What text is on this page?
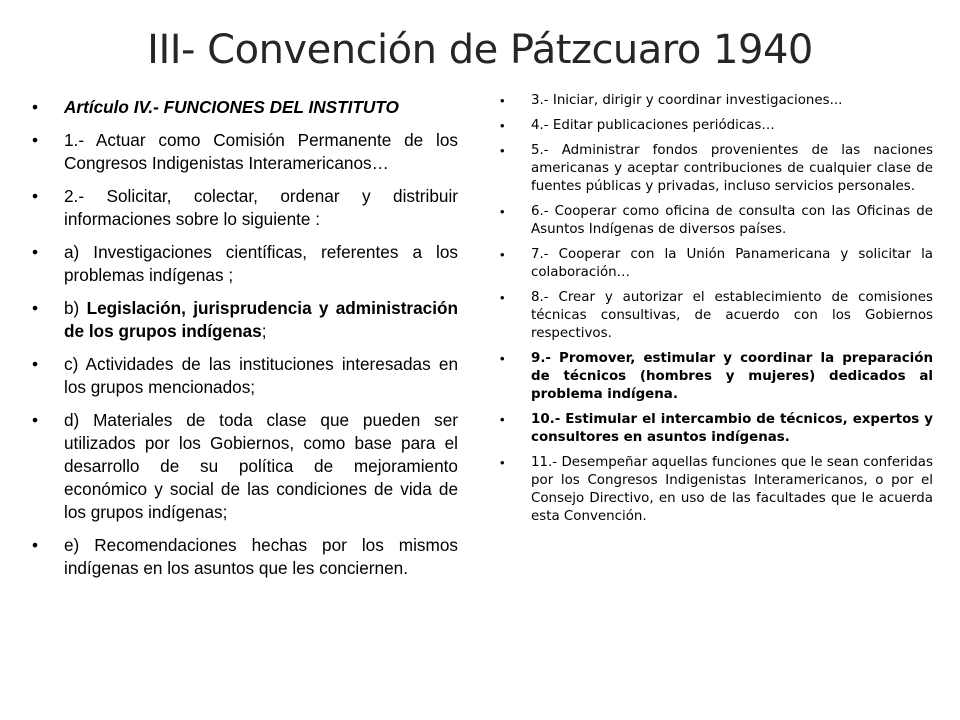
III- Convención de Pátzcuaro 1940
• Artículo IV.- FUNCIONES DEL INSTITUTO
• 1.- Actuar como Comisión Permanente de los Congresos Indigenistas Interamericanos…
• 2.- Solicitar, colectar, ordenar y distribuir informaciones sobre lo siguiente :
• a) Investigaciones científicas, referentes a los problemas indígenas ;
• b) Legislación, jurisprudencia y administración de los grupos indígenas;
• c) Actividades de las instituciones interesadas en los grupos mencionados;
• d) Materiales de toda clase que pueden ser utilizados por los Gobiernos, como base para el desarrollo de su política de mejoramiento económico y social de las condiciones de vida de los grupos indígenas;
• e) Recomendaciones hechas por los mismos indígenas en los asuntos que les conciernen.
• 3.- Iniciar, dirigir y coordinar investigaciones...
• 4.- Editar publicaciones periódicas…
• 5.- Administrar fondos provenientes de las naciones americanas y aceptar contribuciones de cualquier clase de fuentes públicas y privadas, incluso servicios personales.
• 6.- Cooperar como oficina de consulta con las Oficinas de Asuntos Indígenas de diversos países.
• 7.- Cooperar con la Unión Panamericana y solicitar la colaboración…
• 8.- Crear y autorizar el establecimiento de comisiones técnicas consultivas, de acuerdo con los Gobiernos respectivos.
• 9.- Promover, estimular y coordinar la preparación de técnicos (hombres y mujeres) dedicados al problema indígena.
• 10.- Estimular el intercambio de técnicos, expertos y consultores en asuntos indígenas.
• 11.- Desempeñar aquellas funciones que le sean conferidas por los Congresos Indigenistas Interamericanos, o por el Consejo Directivo, en uso de las facultades que le acuerda esta Convención.
